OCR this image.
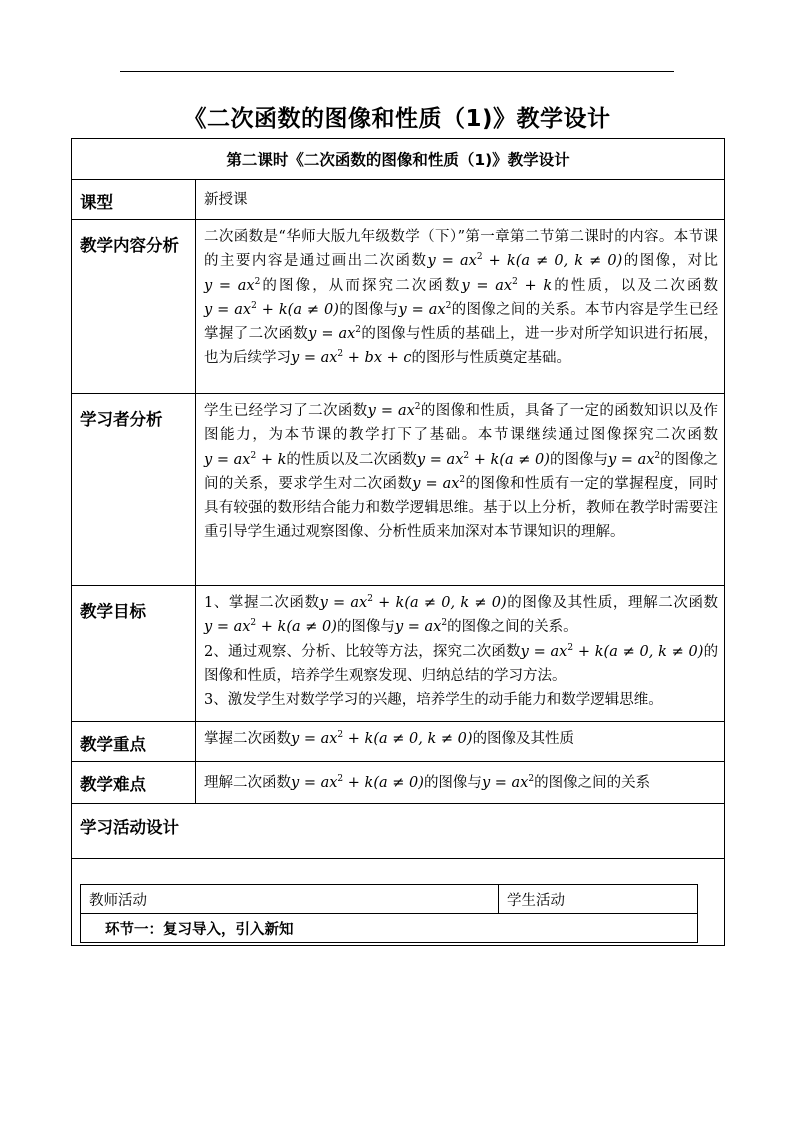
《二次函数的图像和性质（1)》教学设计
第二课时《二次函数的图像和性质（1)》教学设计
课型	新授课
教学内容分析	二次函数是“华师大版九年级数学（下）”第一章第二节第二课时的内容。本节课的主要内容是通过画出二次函数$y = ax^2 + k(a \ne 0$, k ≠ 0)的图像，对比$y = ax^2$的图像，从而探究二次函数$y = ax^2 + k$的性质，以及二次函数$y = ax^2 + k(a \ne 0)$的图像与$y = ax^2$的图像之间的关系。本节内容是学生已经掌握了二次函数$y = ax^2$的图像与性质的基础上，进一步对所学知识进行拓展，也为后续学习$y = ax^2$ + bx + c的图形与性质奠定基础。
学习者分析	学生已经学习了二次函数$y = ax^2$的图像和性质，具备了一定的函数知识以及作图能力，为本节课的教学打下了基础。本节课继续通过图像探究二次函数$y = ax^2 + k$的性质以及二次函数$y = ax^2 + k(a \ne 0)$的图像与$y = ax^2$的图像之间的关系，要求学生对二次函数$y = ax^2$的图像和性质有一定的掌握程度，同时具有较强的数形结合能力和数学逻辑思维。基于以上分析，教师在教学时需要注重引导学生通过观察图像、分析性质来加深对本节课知识的理解。
教学目标	1、掌握二次函数$y = ax^2 + k(a \ne 0$, k ≠ 0)的图像及其性质，理解二次函数$y = ax^2 + k(a \ne 0)$的图像与$y = ax^2$的图像之间的关系。

2、通过观察、分析、比较等方法，探究二次函数$y = ax^2 + k(a \ne 0$, k ≠ 0)的图像和性质，培养学生观察发现、归纳总结的学习方法。

3、激发学生对数学学习的兴趣，培养学生的动手能力和数学逻辑思维。

教学重点	掌握二次函数$y = ax^2 + k(a \ne 0$, k ≠ 0)的图像及其性质
教学难点	理解二次函数$y = ax^2 + k(a \ne 0)$的图像与$y = ax^2$的图像之间的关系
学习活动设计

教师活动	学生活动
环节一：复习导入，引入新知
